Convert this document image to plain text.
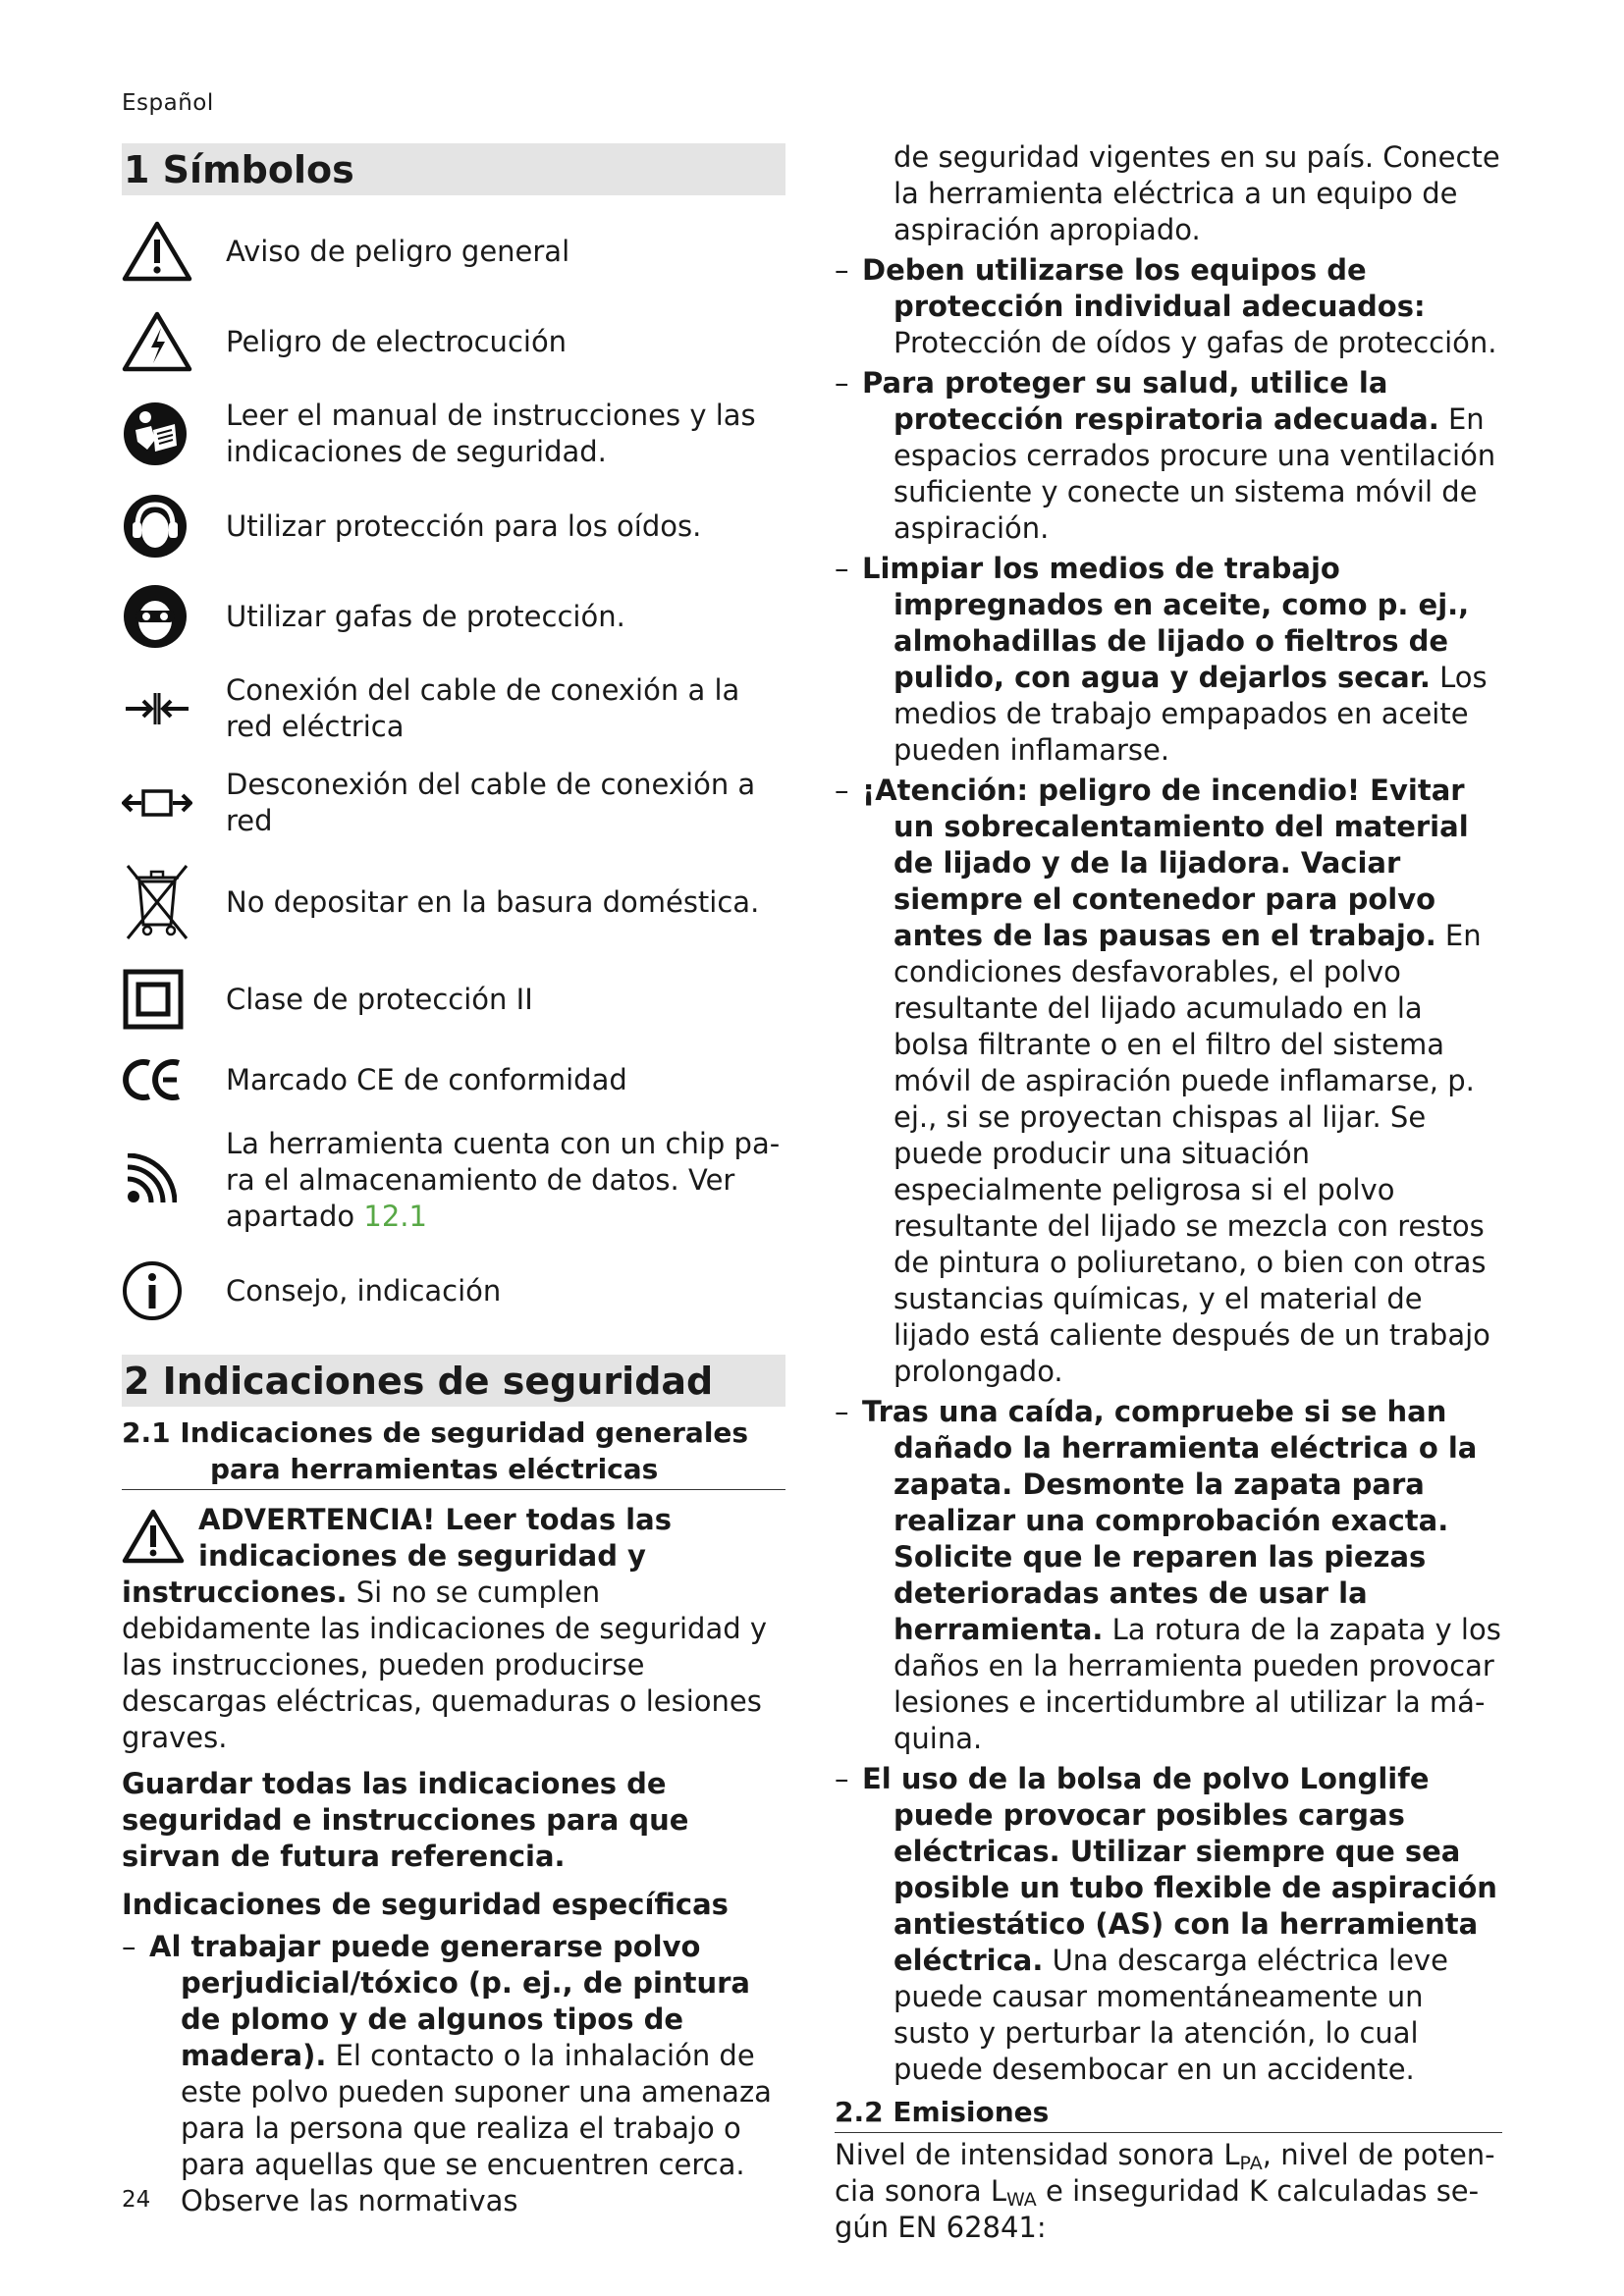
Español
1 Símbolos
Aviso de peligro general
Peligro de electrocución
Leer el manual de instrucciones y las indicaciones de seguridad.
Utilizar protección para los oídos.
Utilizar gafas de protección.
Conexión del cable de conexión a la red eléctrica
Desconexión del cable de conexión a red
No depositar en la basura doméstica.
Clase de protección II
Marcado CE de conformidad
La herramienta cuenta con un chip para el almacenamiento de datos. Ver apartado 12.1
Consejo, indicación
2 Indicaciones de seguridad
2.1 Indicaciones de seguridad generales
para herramientas eléctricas
ADVERTENCIA! Leer todas las indicaciones de seguridad y instrucciones. Si no se cumplen debidamente las indicaciones de seguridad y las instrucciones, pueden producirse descargas eléctricas, quemaduras o lesiones graves.
Guardar todas las indicaciones de seguridad e instrucciones para que sirvan de futura referencia.
Indicaciones de seguridad específicas
– Al trabajar puede generarse polvo perjudicial/tóxico (p. ej., de pintura de plomo y de algunos tipos de madera). El contacto o la inhalación de este polvo pueden suponer una amenaza para la persona que realiza el trabajo o para aquellas que se encuentren cerca. Observe las normativas
de seguridad vigentes en su país. Conecte la herramienta eléctrica a un equipo de aspiración apropiado.
– Deben utilizarse los equipos de protección individual adecuados: Protección de oídos y gafas de protección.
– Para proteger su salud, utilice la protección respiratoria adecuada. En espacios cerrados procure una ventilación suficiente y conecte un sistema móvil de aspiración.
– Limpiar los medios de trabajo impregnados en aceite, como p. ej., almohadillas de lijado o fieltros de pulido, con agua y dejarlos secar. Los medios de trabajo empapados en aceite pueden inflamarse.
– ¡Atención: peligro de incendio! Evitar un sobrecalentamiento del material de lijado y de la lijadora. Vaciar siempre el contenedor para polvo antes de las pausas en el trabajo. En condiciones desfavorables, el polvo resultante del lijado acumulado en la bolsa filtrante o en el filtro del sistema móvil de aspiración puede inflamarse, p. ej., si se proyectan chispas al lijar. Se puede producir una situación especialmente peligrosa si el polvo resultante del lijado se mezcla con restos de pintura o poliuretano, o bien con otras sustancias químicas, y el material de lijado está caliente después de un trabajo prolongado.
– Tras una caída, compruebe si se han dañado la herramienta eléctrica o la zapata. Desmonte la zapata para realizar una comprobación exacta. Solicite que le reparen las piezas deterioradas antes de usar la herramienta. La rotura de la zapata y los daños en la herramienta pueden provocar lesiones e incertidumbre al utilizar la máquina.
– El uso de la bolsa de polvo Longlife puede provocar posibles cargas eléctricas. Utilizar siempre que sea posible un tubo flexible de aspiración antiestático (AS) con la herramienta eléctrica. Una descarga eléctrica leve puede causar momentáneamente un susto y perturbar la atención, lo cual puede desembocar en un accidente.
2.2 Emisiones
Nivel de intensidad sonora $L_{PA}$, nivel de potencia sonora $L_{WA}$ e inseguridad K calculadas según EN 62841:
24
